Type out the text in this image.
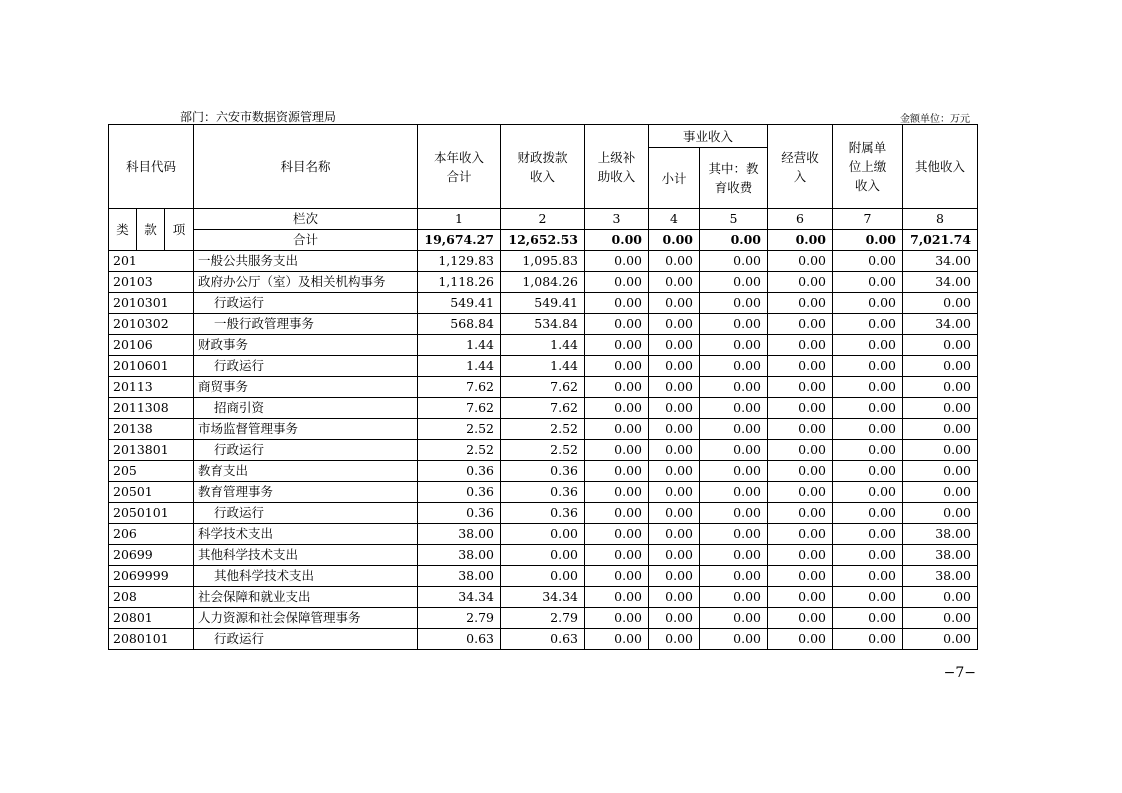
部门：六安市数据资源管理局	金额单位：万元
科目代码			科目名称	本年收入合计	财政拨款收入	上级补助收入	事业收入		经营收入	附属单位上缴收入	其他收入
							小计	其中：教育收费			
类	款	项	栏次	1	2	3	4	5	6	7	8
			合计	19,674.27	12,652.53	0.00	0.00	0.00	0.00	0.00	7,021.74
201			一般公共服务支出	1,129.83	1,095.83	0.00	0.00	0.00	0.00	0.00	34.00
20103			政府办公厅（室）及相关机构事务	1,118.26	1,084.26	0.00	0.00	0.00	0.00	0.00	34.00
2010301			行政运行	549.41	549.41	0.00	0.00	0.00	0.00	0.00	0.00
2010302			一般行政管理事务	568.84	534.84	0.00	0.00	0.00	0.00	0.00	34.00
20106			财政事务	1.44	1.44	0.00	0.00	0.00	0.00	0.00	0.00
2010601			行政运行	1.44	1.44	0.00	0.00	0.00	0.00	0.00	0.00
20113			商贸事务	7.62	7.62	0.00	0.00	0.00	0.00	0.00	0.00
2011308			招商引资	7.62	7.62	0.00	0.00	0.00	0.00	0.00	0.00
20138			市场监督管理事务	2.52	2.52	0.00	0.00	0.00	0.00	0.00	0.00
2013801			行政运行	2.52	2.52	0.00	0.00	0.00	0.00	0.00	0.00
205			教育支出	0.36	0.36	0.00	0.00	0.00	0.00	0.00	0.00
20501			教育管理事务	0.36	0.36	0.00	0.00	0.00	0.00	0.00	0.00
2050101			行政运行	0.36	0.36	0.00	0.00	0.00	0.00	0.00	0.00
206			科学技术支出	38.00	0.00	0.00	0.00	0.00	0.00	0.00	38.00
20699			其他科学技术支出	38.00	0.00	0.00	0.00	0.00	0.00	0.00	38.00
2069999			其他科学技术支出	38.00	0.00	0.00	0.00	0.00	0.00	0.00	38.00
208			社会保障和就业支出	34.34	34.34	0.00	0.00	0.00	0.00	0.00	0.00
20801			人力资源和社会保障管理事务	2.79	2.79	0.00	0.00	0.00	0.00	0.00	0.00
2080101			行政运行	0.63	0.63	0.00	0.00	0.00	0.00	0.00	0.00
−7−
